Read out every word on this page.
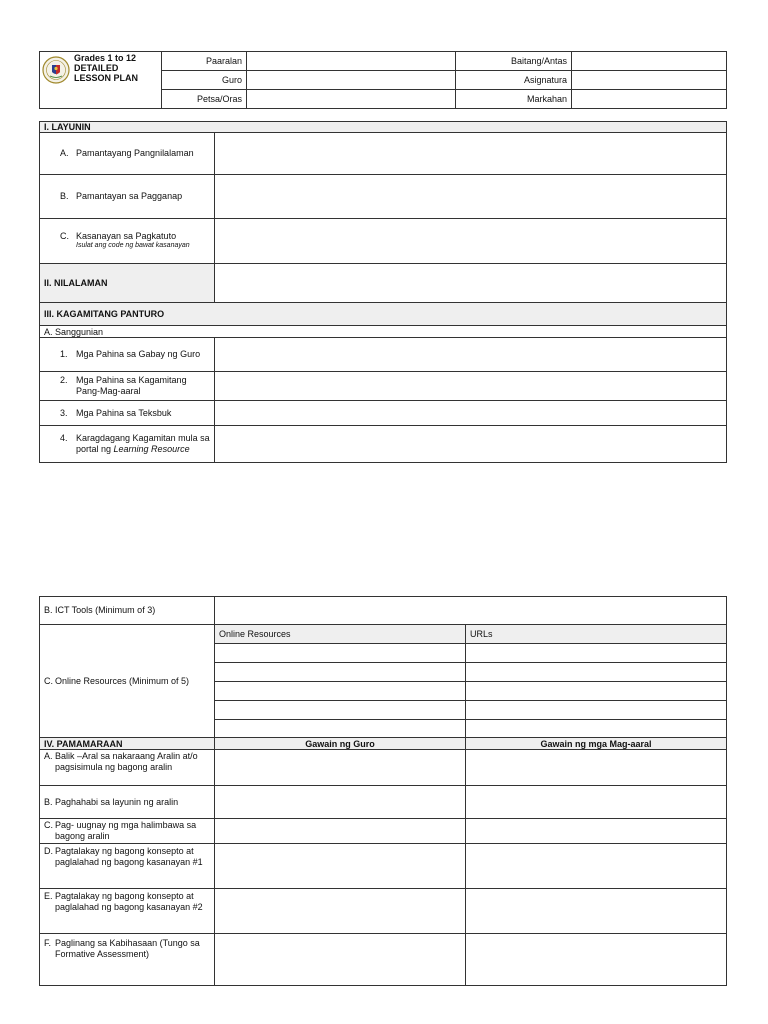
Grades 1 to 12
DETAILED
LESSON PLAN	Paaralan		Baitang/Antas	
	Guro		Asignatura	
	Petsa/Oras		Markahan	
I. LAYUNIN	

A. Pamantayang Pangnilalaman	

B. Pamantayan sa Pagganap	

C. Kasanayan sa Pagkatuto
Isulat ang code ng bawat kasanayan	

II. NILALAMAN	
III. KAGAMITANG PANTURO	
A. Sanggunian	

1. Mga Pahina sa Gabay ng Guro	

2. Mga Pahina sa Kagamitang Pang-Mag-aaral	

3. Mga Pahina sa Teksbuk	

4. Karagdagang Kagamitan mula sa portal ng Learning Resource	

B. ICT Tools (Minimum of 3)		

C. Online Resources (Minimum of 5)	Online Resources	URLs

IV. PAMAMARAAN	Gawain ng Guro	Gawain ng mga Mag-aaral

A. Balik –Aral sa nakaraang Aralin at/o pagsisimula ng bagong aralin		

B. Paghahabi sa layunin ng aralin		

C. Pag- uugnay ng mga halimbawa sa bagong aralin		

D. Pagtalakay ng bagong konsepto at paglalahad ng bagong kasanayan #1		

E. Pagtalakay ng bagong konsepto at paglalahad ng bagong kasanayan #2		

F. Paglinang sa Kabihasaan (Tungo sa Formative Assessment)		
